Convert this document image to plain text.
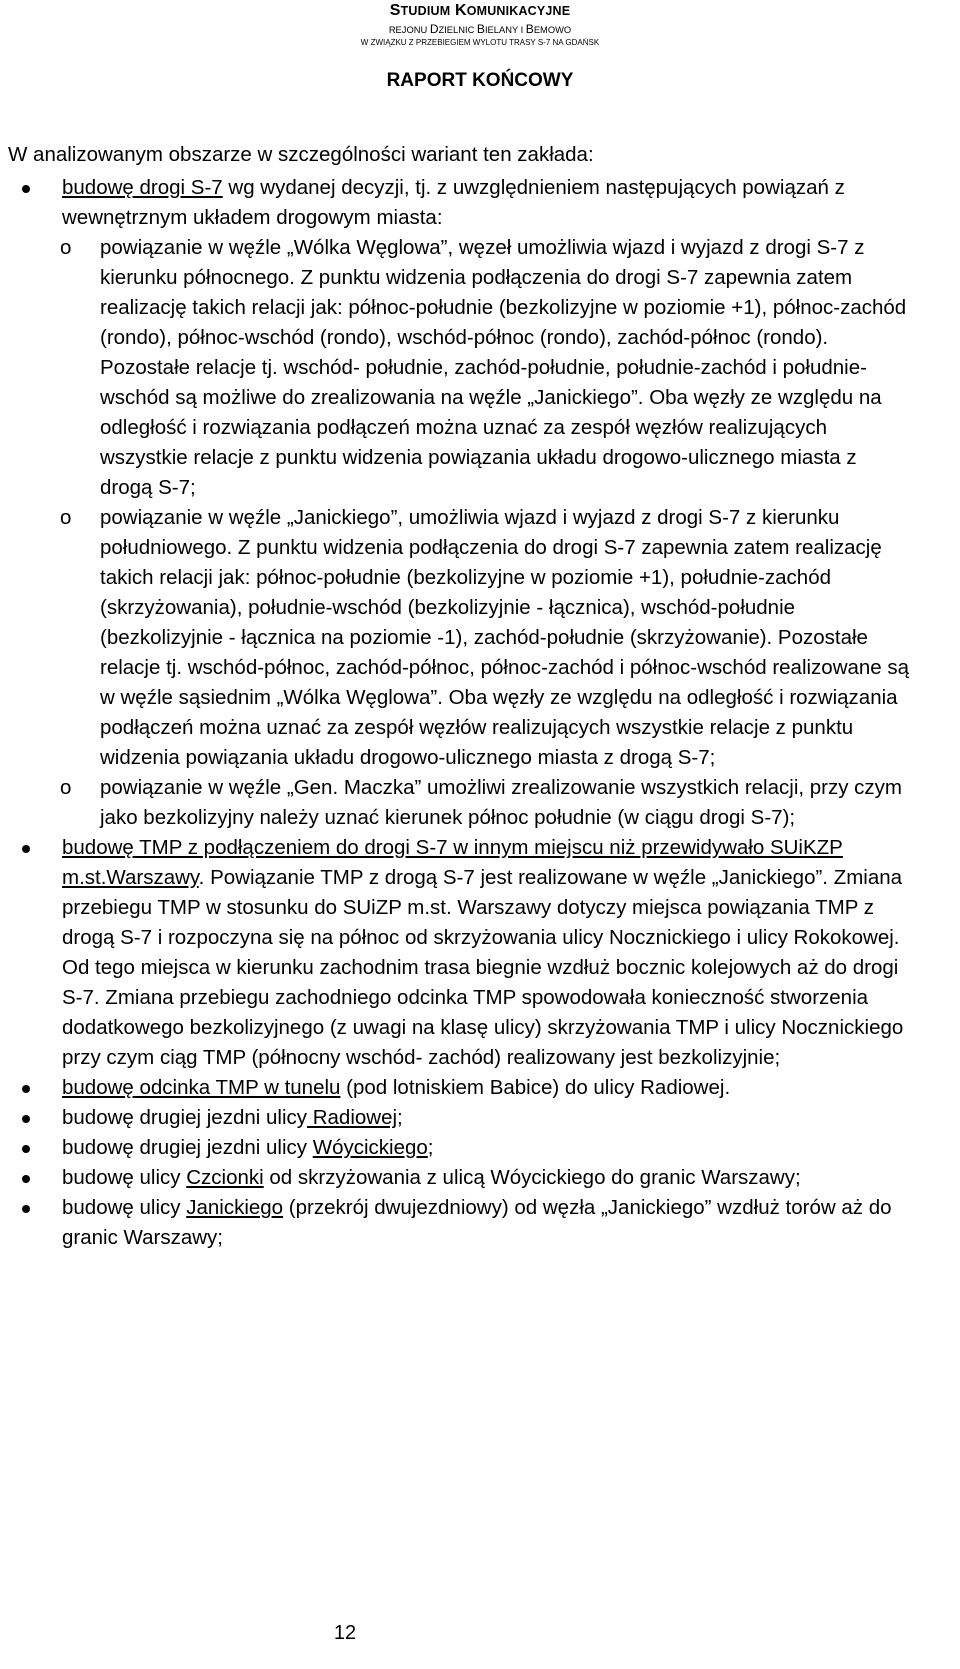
STUDIUM KOMUNIKACYJNE
REJONU DZIELNIC BIELANY I BEMOWO
W ZWIĄZKU Z PRZEBIEGIEM WYLOTU TRASY S-7 NA GDAŃSK
RAPORT KOŃCOWY

W analizowanym obszarze w szczególności wariant ten zakłada:

budowę drogi S-7 wg wydanej decyzji, tj. z uwzględnieniem następujących powiązań z wewnętrznym układem drogowym miasta:
o powiązanie w węźle „Wólka Węglowa”, węzeł umożliwia wjazd i wyjazd z drogi S-7 z kierunku północnego. Z punktu widzenia podłączenia do drogi S-7 zapewnia zatem realizację takich relacji jak: północ-południe (bezkolizyjne w poziomie +1), północ-zachód (rondo), północ-wschód (rondo), wschód-północ (rondo), zachód-północ (rondo). Pozostałe relacje tj. wschód- południe, zachód-południe, południe-zachód i południe- wschód są możliwe do zrealizowania na węźle „Janickiego”. Oba węzły ze względu na odległość i rozwiązania podłączeń można uznać za zespół węzłów realizujących wszystkie relacje z punktu widzenia powiązania układu drogowo-ulicznego miasta z drogą S-7;
o powiązanie w węźle „Janickiego”, umożliwia wjazd i wyjazd z drogi S-7 z kierunku południowego. Z punktu widzenia podłączenia do drogi S-7 zapewnia zatem realizację takich relacji jak: północ-południe (bezkolizyjne w poziomie +1), południe-zachód (skrzyżowania), południe-wschód (bezkolizyjnie - łącznica), wschód-południe (bezkolizyjnie - łącznica na poziomie -1), zachód-południe (skrzyżowanie). Pozostałe relacje tj. wschód-północ, zachód-północ, północ-zachód i północ-wschód realizowane są w węźle sąsiednim „Wólka Węglowa”. Oba węzły ze względu na odległość i rozwiązania podłączeń można uznać za zespół węzłów realizujących wszystkie relacje z punktu widzenia powiązania układu drogowo-ulicznego miasta z drogą S-7;
o powiązanie w węźle „Gen. Maczka” umożliwi zrealizowanie wszystkich relacji, przy czym jako bezkolizyjny należy uznać kierunek północ południe (w ciągu drogi S-7);
budowę TMP z podłączeniem do drogi S-7 w innym miejscu niż przewidywało SUiKZP m.st.Warszawy. Powiązanie TMP z drogą S-7 jest realizowane w węźle „Janickiego”. Zmiana przebiegu TMP w stosunku do SUiZP m.st. Warszawy dotyczy miejsca powiązania TMP z drogą S-7 i rozpoczyna się na północ od skrzyżowania ulicy Nocznickiego i ulicy Rokokowej. Od tego miejsca w kierunku zachodnim trasa biegnie wzdłuż bocznic kolejowych aż do drogi S-7. Zmiana przebiegu zachodniego odcinka TMP spowodowała konieczność stworzenia dodatkowego bezkolizyjnego (z uwagi na klasę ulicy) skrzyżowania TMP i ulicy Nocznickiego przy czym ciąg TMP (północny wschód- zachód) realizowany jest bezkolizyjnie;
budowę odcinka TMP w tunelu (pod lotniskiem Babice) do ulicy Radiowej.
budowę drugiej jezdni ulicy Radiowej;
budowę drugiej jezdni ulicy Wóycickiego;
budowę ulicy Czcionki od skrzyżowania z ulicą Wóycickiego do granic Warszawy;
budowę ulicy Janickiego (przekrój dwujezdniowy) od węzła „Janickiego” wzdłuż torów aż do granic Warszawy;
12
